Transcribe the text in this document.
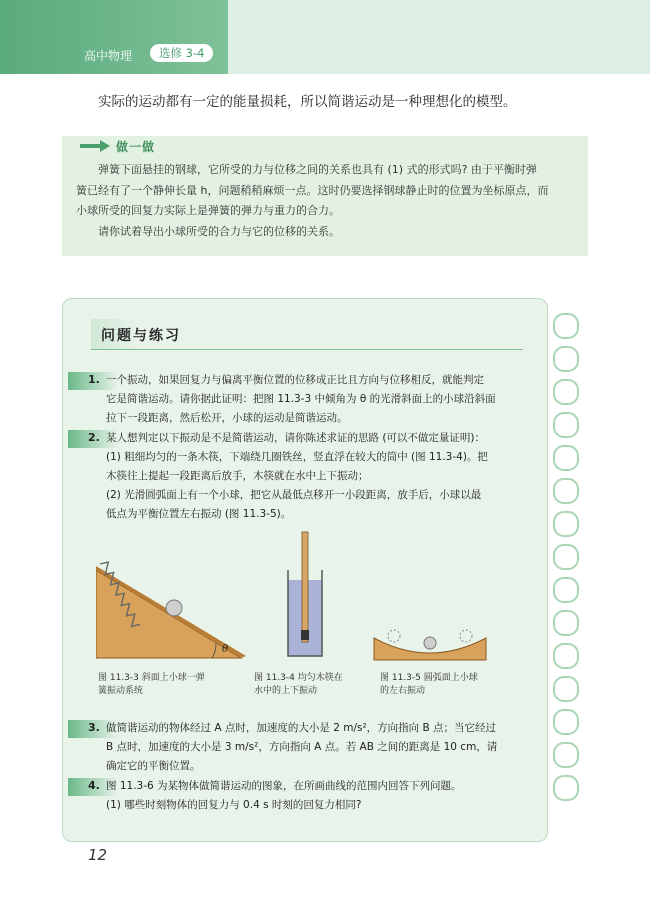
高中物理	选修 3-4
实际的运动都有一定的能量损耗，所以简谐运动是一种理想化的模型。
做一做

弹簧下面悬挂的钢球，它所受的力与位移之间的关系也具有 (1) 式的形式吗? 由于平衡时弹

簧已经有了一个静伸长量 h，问题稍稍麻烦一点。这时仍要选择钢球静止时的位置为坐标原点，而

小球所受的回复力实际上是弹簧的弹力与重力的合力。

请你试着导出小球所受的合力与它的位移的关系。

问题与练习
1. 一个振动，如果回复力与偏离平衡位置的位移成正比且方向与位移相反，就能判定

它是简谐运动。请你据此证明：把图 11.3-3 中倾角为 θ 的光滑斜面上的小球沿斜面

拉下一段距离，然后松开，小球的运动是简谐运动。

2. 某人想判定以下振动是不是简谐运动，请你陈述求证的思路 (可以不做定量证明)：

(1) 粗细均匀的一条木筷，下端绕几圈铁丝，竖直浮在较大的筒中 (图 11.3-4)。把

木筷往上提起一段距离后放手，木筷就在水中上下振动；

(2) 光滑圆弧面上有一个小球，把它从最低点移开一小段距离，放手后，小球以最

低点为平衡位置左右振动 (图 11.3-5)。

θ
图 11.3-3 斜面上小球一弹
簧振动系统
图 11.3-4 均匀木筷在
水中的上下振动
图 11.3-5 圆弧面上小球
的左右振动
3. 做简谐运动的物体经过 A 点时，加速度的大小是 2 m/s²，方向指向 B 点；当它经过

B 点时，加速度的大小是 3 m/s²，方向指向 A 点。若 AB 之间的距离是 10 cm，请

确定它的平衡位置。

4. 图 11.3-6 为某物体做简谐运动的图象，在所画曲线的范围内回答下列问题。

(1) 哪些时刻物体的回复力与 0.4 s 时刻的回复力相同?

12
